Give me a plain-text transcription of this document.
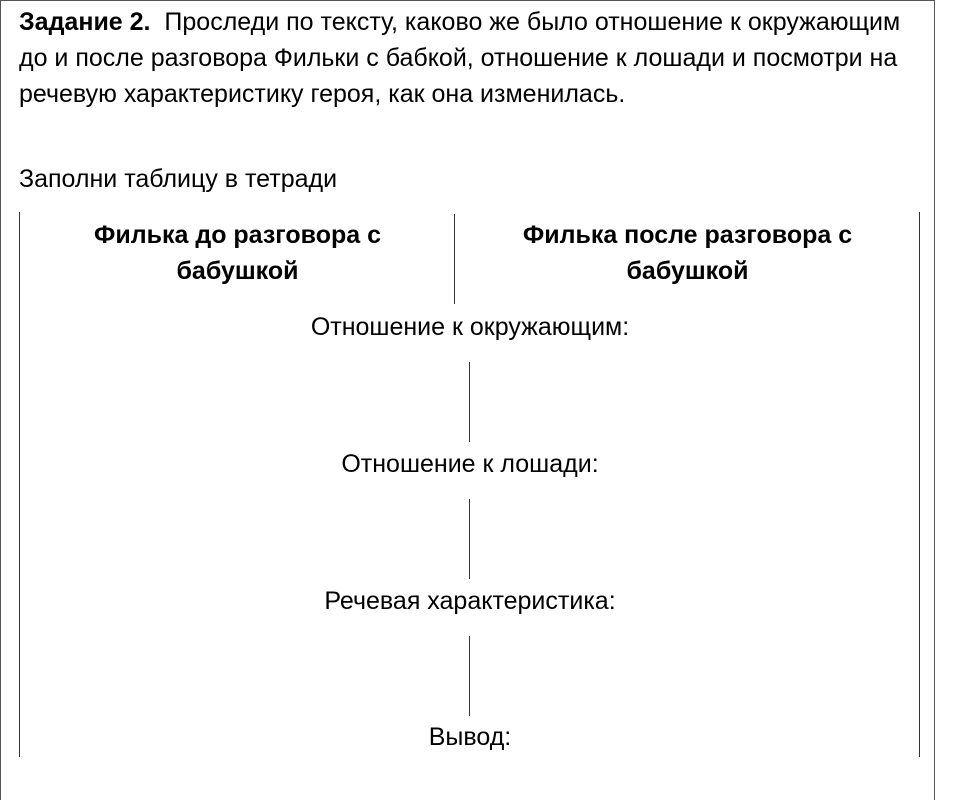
Задание 2. Проследи по тексту, каково же было отношение к окружающим до и после разговора Фильки с бабкой, отношение к лошади и посмотри на речевую характеристику героя, как она изменилась.
Заполни таблицу в тетради
Филька до разговора с бабушкой
Филька после разговора с бабушкой
Отношение к окружающим:
Отношение к лошади:
Речевая характеристика:
Вывод:
